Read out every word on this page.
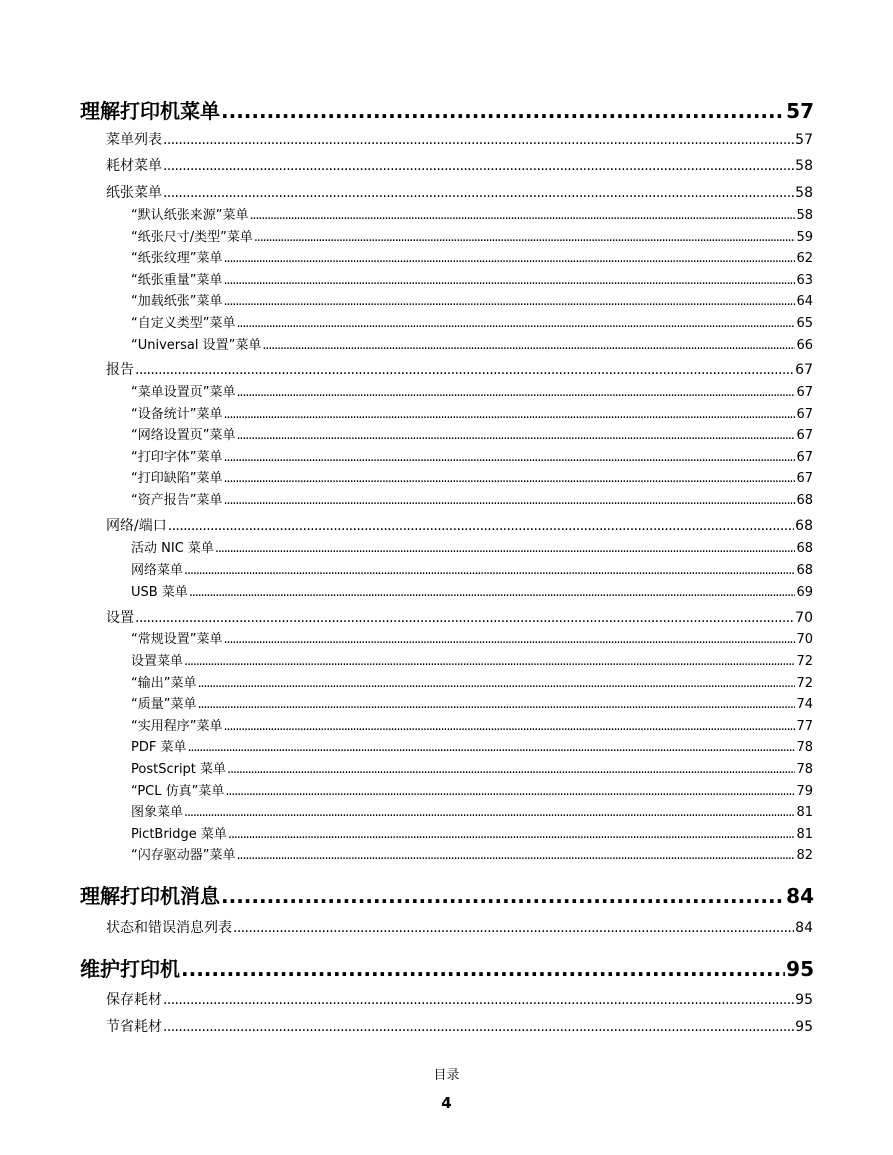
理解打印机菜单 .....	57
菜单列表 .....	57
耗材菜单 .....	58
纸张菜单 .....	58
“默认纸张来源”菜单 .....	58
“纸张尺寸/类型”菜单 .....	59
“纸张纹理”菜单 .....	62
“纸张重量”菜单 .....	63
“加载纸张”菜单 .....	64
“自定义类型”菜单 .....	65
“Universal 设置”菜单 .....	66
报告 .....	67
“菜单设置页”菜单 .....	67
“设备统计”菜单 .....	67
“网络设置页”菜单 .....	67
“打印字体”菜单 .....	67
“打印缺陷”菜单 .....	67
“资产报告”菜单 .....	68
网络/端口 .....	68
活动 NIC 菜单 .....	68
网络菜单 .....	68
USB 菜单 .....	69
设置 .....	70
“常规设置”菜单 .....	70
设置菜单 .....	72
“输出”菜单 .....	72
“质量”菜单 .....	74
“实用程序”菜单 .....	77
PDF 菜单 .....	78
PostScript 菜单 .....	78
“PCL 仿真”菜单 .....	79
图象菜单 .....	81
PictBridge 菜单 .....	81
“闪存驱动器”菜单 .....	82
理解打印机消息 .....	84
状态和错误消息列表 .....	84
维护打印机 .....	95
保存耗材 .....	95
节省耗材 .....	95
目录
4
